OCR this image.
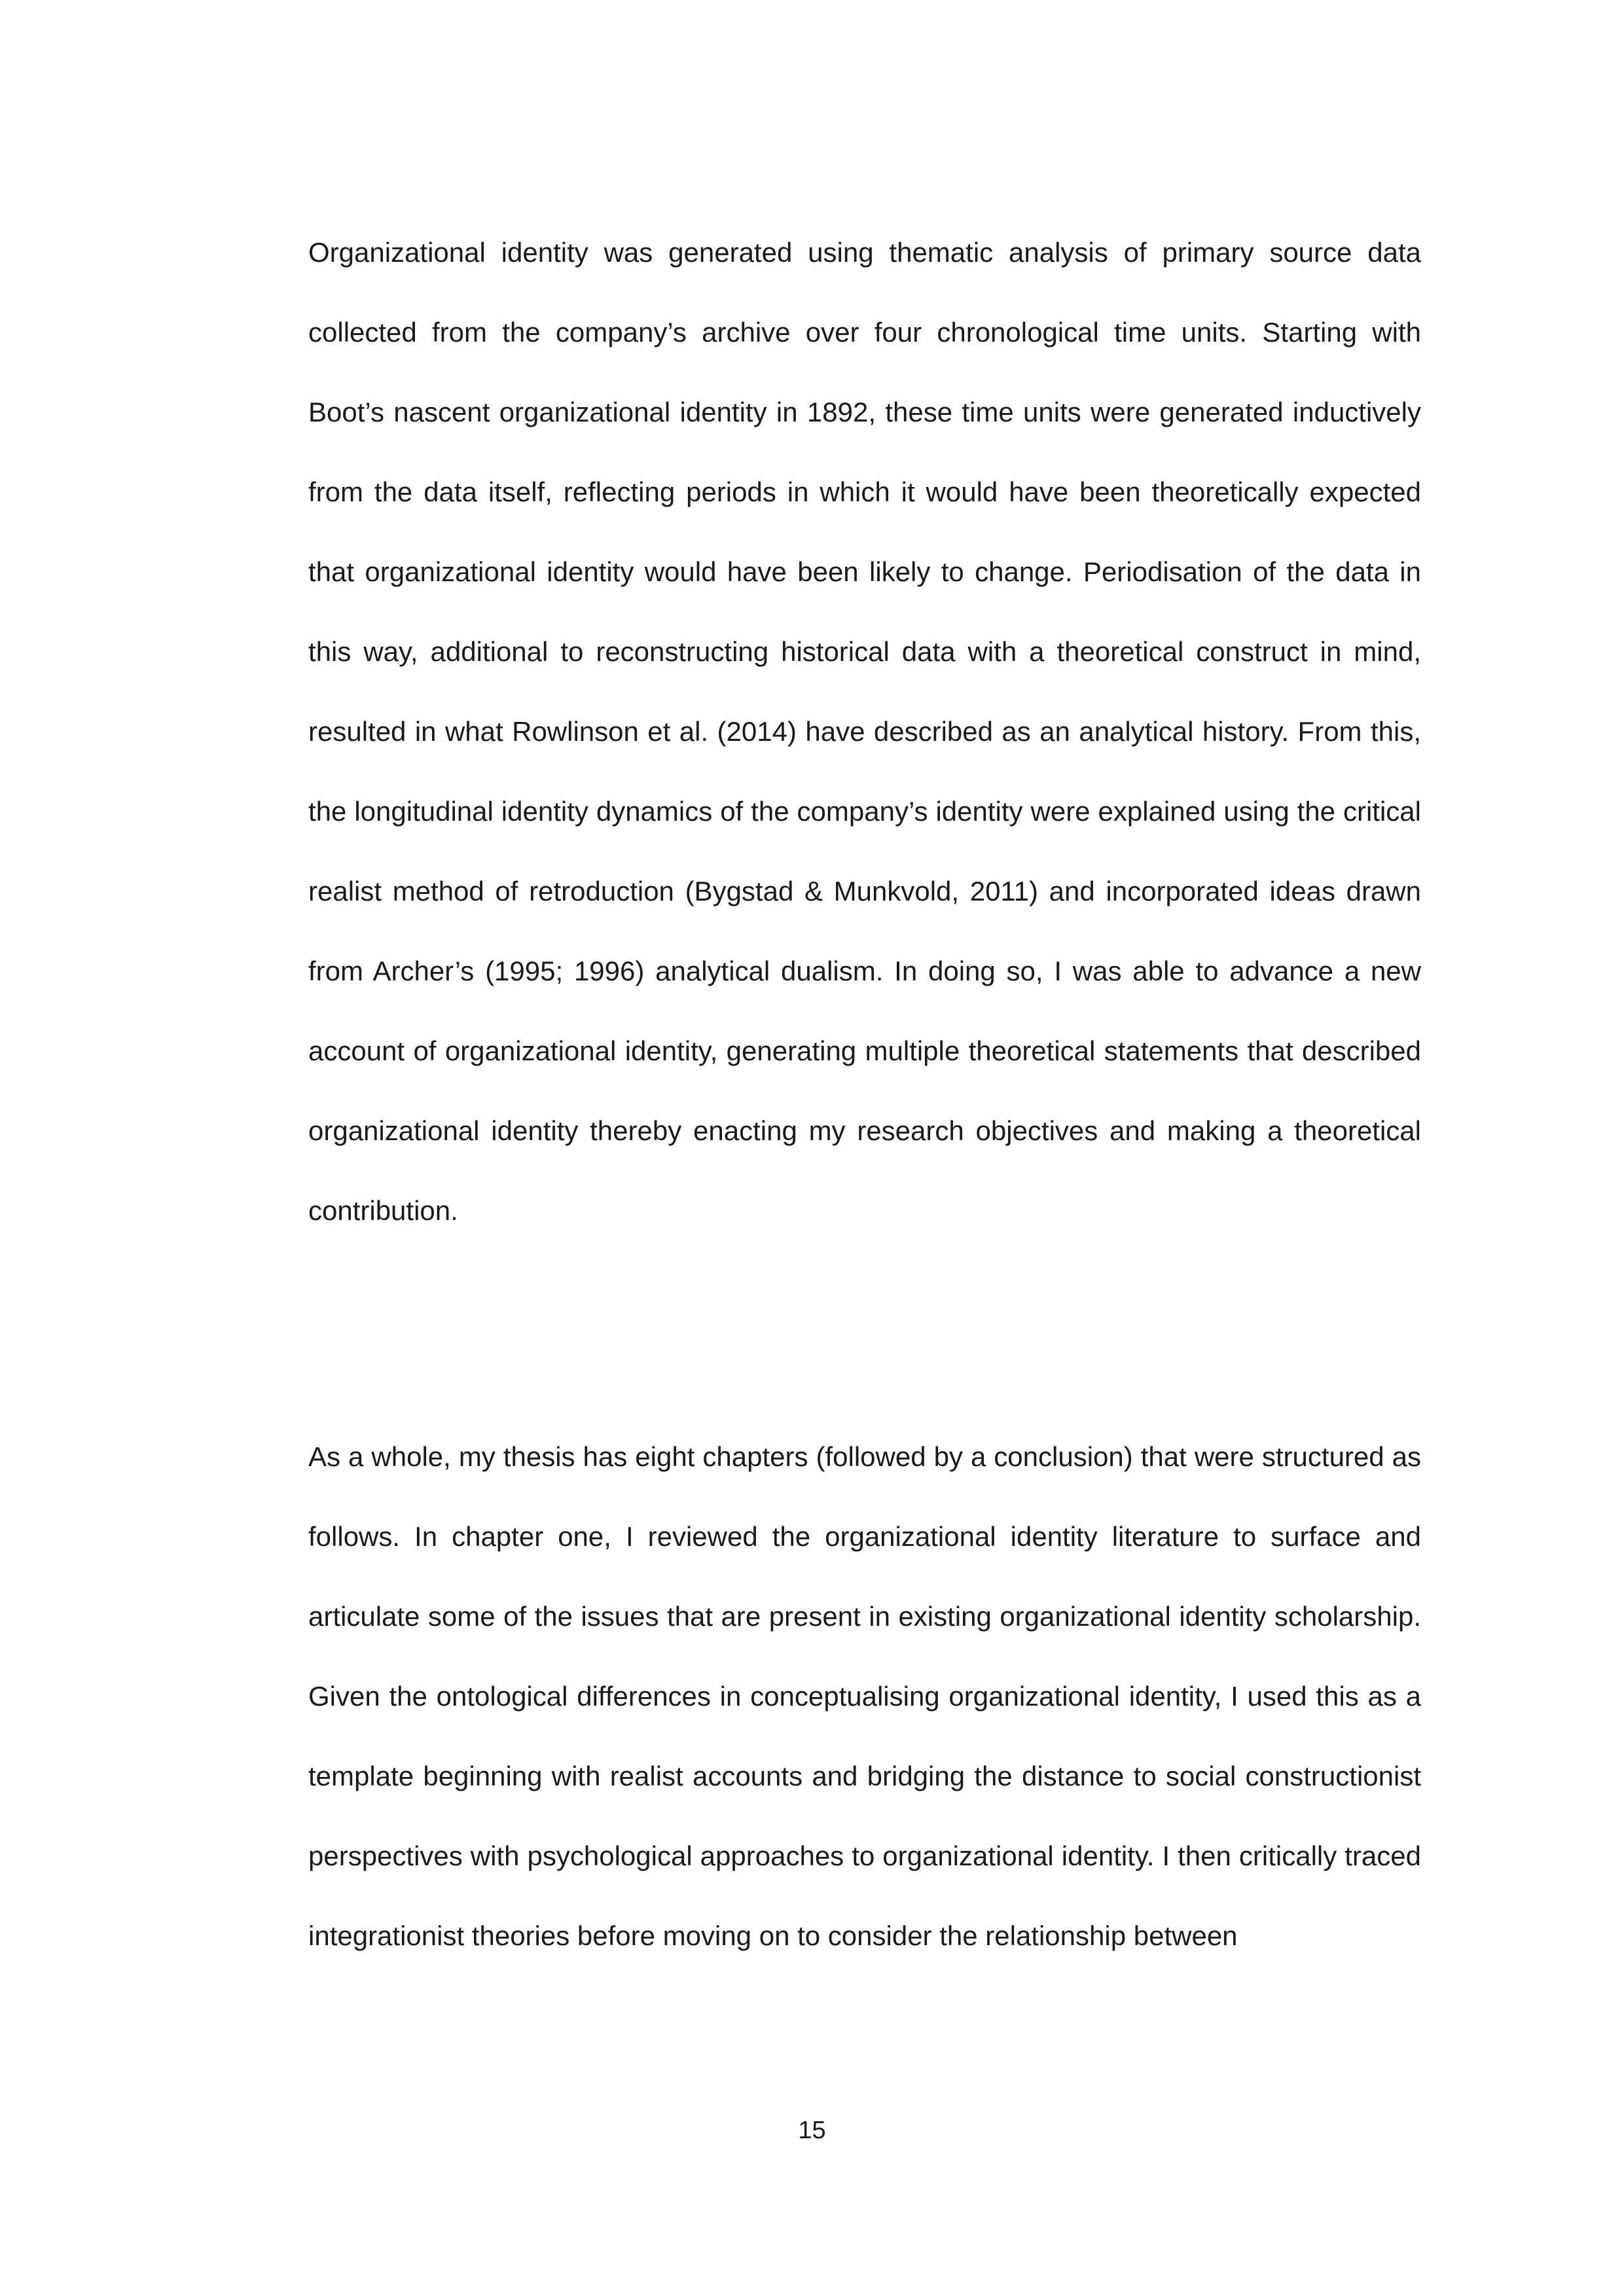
Organizational identity was generated using thematic analysis of primary source data collected from the company’s archive over four chronological time units. Starting with Boot’s nascent organizational identity in 1892, these time units were generated inductively from the data itself, reflecting periods in which it would have been theoretically expected that organizational identity would have been likely to change. Periodisation of the data in this way, additional to reconstructing historical data with a theoretical construct in mind, resulted in what Rowlinson et al. (2014) have described as an analytical history. From this, the longitudinal identity dynamics of the company’s identity were explained using the critical realist method of retroduction (Bygstad & Munkvold, 2011) and incorporated ideas drawn from Archer’s (1995; 1996) analytical dualism. In doing so, I was able to advance a new account of organizational identity, generating multiple theoretical statements that described organizational identity thereby enacting my research objectives and making a theoretical contribution.

As a whole, my thesis has eight chapters (followed by a conclusion) that were structured as follows. In chapter one, I reviewed the organizational identity literature to surface and articulate some of the issues that are present in existing organizational identity scholarship. Given the ontological differences in conceptualising organizational identity, I used this as a template beginning with realist accounts and bridging the distance to social constructionist perspectives with psychological approaches to organizational identity. I then critically traced integrationist theories before moving on to consider the relationship between

15
